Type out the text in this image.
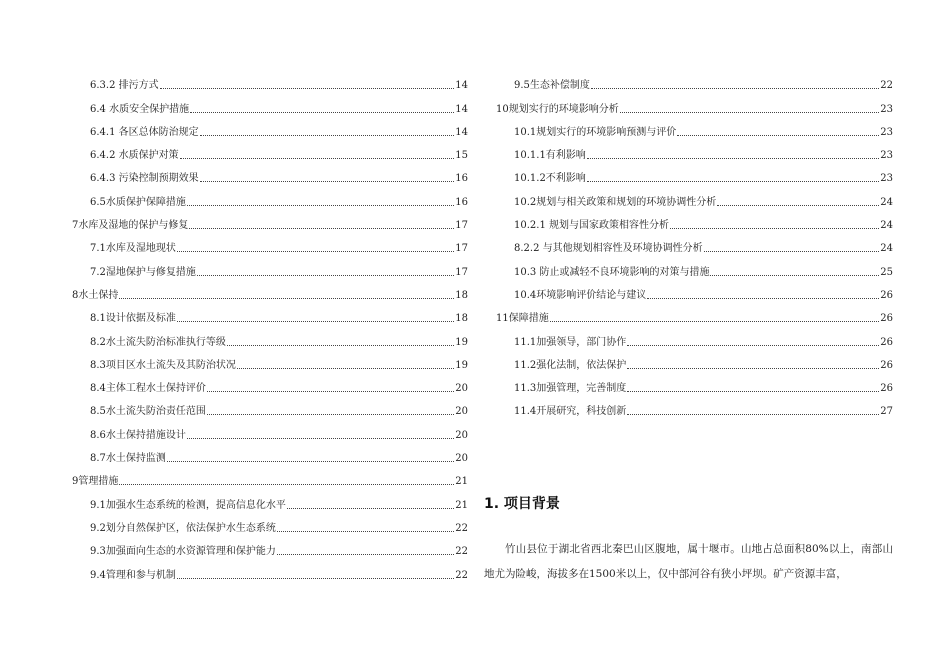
6.3.2 排污方式	14
6.4 水质安全保护措施	14
6.4.1 各区总体防治规定	14
6.4.2 水质保护对策	15
6.4.3 污染控制预期效果	16
6.5水质保护保障措施	16
7水库及湿地的保护与修复	17
7.1水库及湿地现状	17
7.2湿地保护与修复措施	17
8水土保持	18
8.1设计依据及标准	18
8.2水土流失防治标准执行等级	19
8.3项目区水土流失及其防治状况	19
8.4主体工程水土保持评价	20
8.5水土流失防治责任范围	20
8.6水土保持措施设计	20
8.7水土保持监测	20
9管理措施	21
9.1加强水生态系统的检测，提高信息化水平	21
9.2划分自然保护区，依法保护水生态系统	22
9.3加强面向生态的水资源管理和保护能力	22
9.4管理和参与机制	22
9.5生态补偿制度	22
10规划实行的环境影响分析	23
10.1规划实行的环境影响预测与评价	23
10.1.1有利影响	23
10.1.2不利影响	23
10.2规划与相关政策和规划的环境协调性分析	24
10.2.1 规划与国家政策相容性分析	24
8.2.2 与其他规划相容性及环境协调性分析	24
10.3 防止或减轻不良环境影响的对策与措施	25
10.4环境影响评价结论与建议	26
11保障措施	26
11.1加强领导，部门协作	26
11.2强化法制，依法保护	26
11.3加强管理，完善制度	26
11.4开展研究，科技创新	27
1. 项目背景

竹山县位于湖北省西北秦巴山区腹地，属十堰市。山地占总面积80%以上，南部山地尤为险峻，海拔多在1500米以上，仅中部河谷有狭小坪坝。矿产资源丰富，
